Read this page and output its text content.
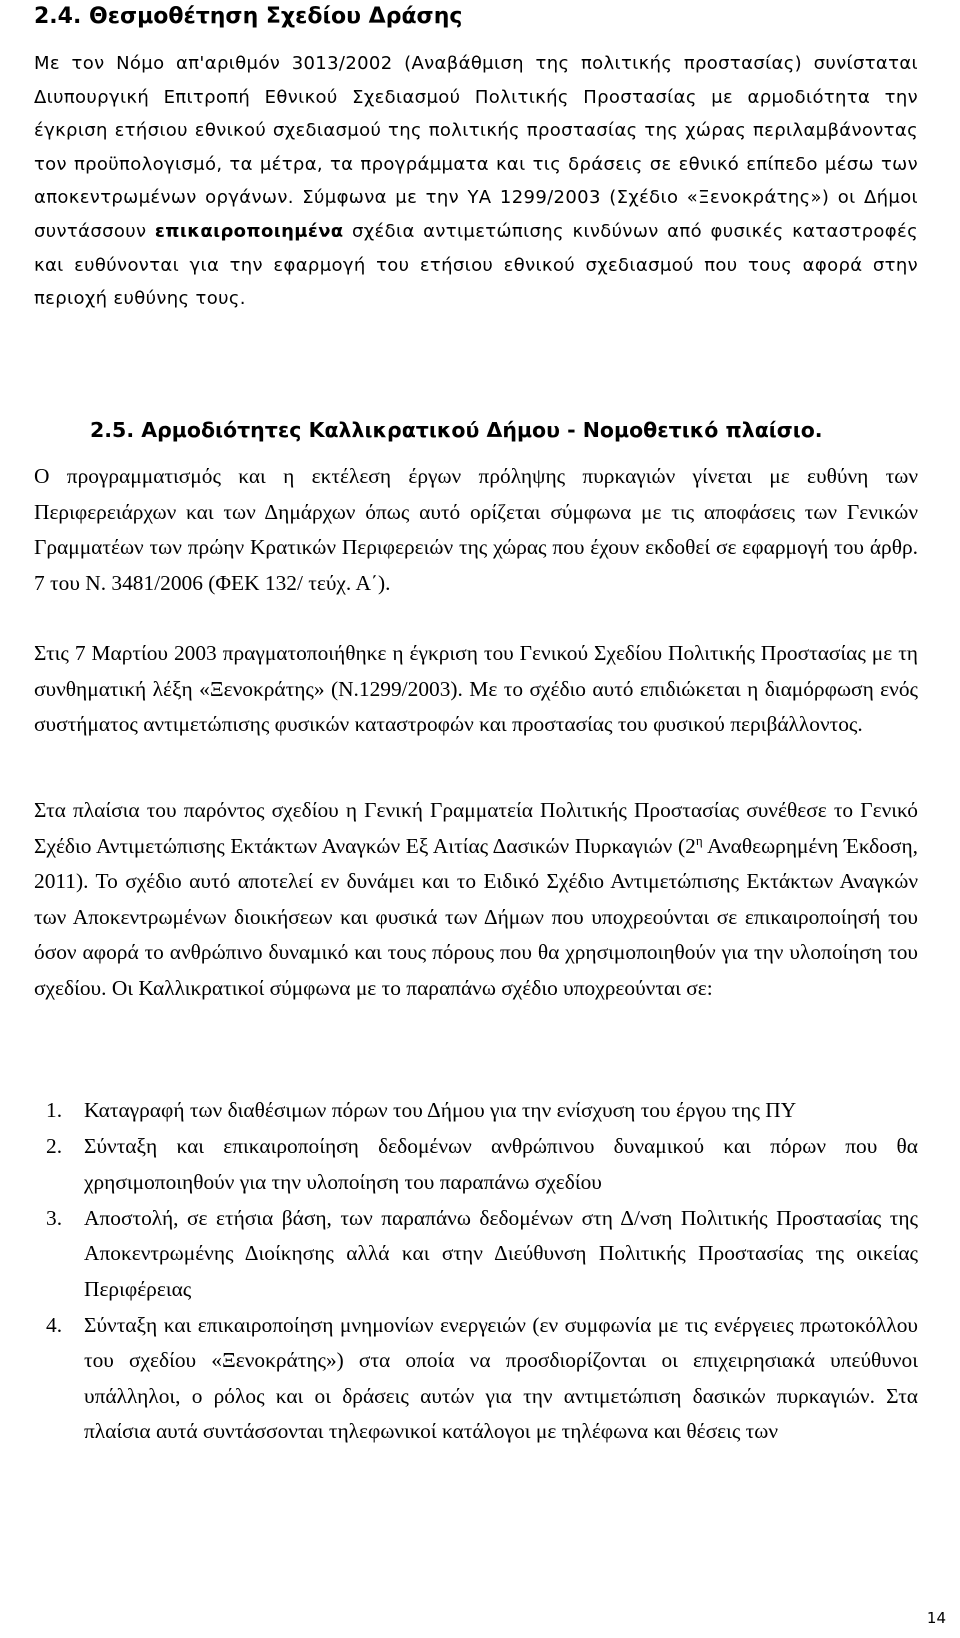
2.4. Θεσμοθέτηση Σχεδίου Δράσης

Με τον Νόμο απ'αριθμόν 3013/2002 (Αναβάθμιση της πολιτικής προστασίας) συνίσταται Διυπουργική Επιτροπή Εθνικού Σχεδιασμού Πολιτικής Προστασίας με αρμοδιότητα την έγκριση ετήσιου εθνικού σχεδιασμού της πολιτικής προστασίας της χώρας περιλαμβάνοντας τον προϋπολογισμό, τα μέτρα, τα προγράμματα και τις δράσεις σε εθνικό επίπεδο μέσω των αποκεντρωμένων οργάνων. Σύμφωνα με την ΥΑ 1299/2003 (Σχέδιο «Ξενοκράτης») οι Δήμοι συντάσσουν επικαιροποιημένα σχέδια αντιμετώπισης κινδύνων από φυσικές καταστροφές και ευθύνονται για την εφαρμογή του ετήσιου εθνικού σχεδιασμού που τους αφορά στην περιοχή ευθύνης τους.

2.5. Αρμοδιότητες Καλλικρατικού Δήμου - Νομοθετικό πλαίσιο.

Ο προγραμματισμός και η εκτέλεση έργων πρόληψης πυρκαγιών γίνεται με ευθύνη των Περιφερειάρχων και των Δημάρχων όπως αυτό ορίζεται σύμφωνα με τις αποφάσεις των Γενικών Γραμματέων των πρώην Κρατικών Περιφερειών της χώρας που έχουν εκδοθεί σε εφαρμογή του άρθρ. 7 του Ν. 3481/2006 (ΦΕΚ 132/ τεύχ. Α΄).

Στις 7 Μαρτίου 2003 πραγματοποιήθηκε η έγκριση του Γενικού Σχεδίου Πολιτικής Προστασίας με τη συνθηματική λέξη «Ξενοκράτης» (Ν.1299/2003). Με το σχέδιο αυτό επιδιώκεται η διαμόρφωση ενός συστήματος αντιμετώπισης φυσικών καταστροφών και προστασίας του φυσικού περιβάλλοντος.

Στα πλαίσια του παρόντος σχεδίου η Γενική Γραμματεία Πολιτικής Προστασίας συνέθεσε το Γενικό Σχέδιο Αντιμετώπισης Εκτάκτων Αναγκών Εξ Αιτίας Δασικών Πυρκαγιών ($2^\eta$ Αναθεωρημένη Έκδοση, 2011). Το σχέδιο αυτό αποτελεί εν δυνάμει και το Ειδικό Σχέδιο Αντιμετώπισης Εκτάκτων Αναγκών των Αποκεντρωμένων διοικήσεων και φυσικά των Δήμων που υποχρεούνται σε επικαιροποίησή του όσον αφορά το ανθρώπινο δυναμικό και τους πόρους που θα χρησιμοποιηθούν για την υλοποίηση του σχεδίου. Οι Καλλικρατικοί σύμφωνα με το παραπάνω σχέδιο υποχρεούνται σε:

1. Καταγραφή των διαθέσιμων πόρων του Δήμου για την ενίσχυση του έργου της ΠΥ
2. Σύνταξη και επικαιροποίηση δεδομένων ανθρώπινου δυναμικού και πόρων που θα χρησιμοποιηθούν για την υλοποίηση του παραπάνω σχεδίου
3. Αποστολή, σε ετήσια βάση, των παραπάνω δεδομένων στη Δ/νση Πολιτικής Προστασίας της Αποκεντρωμένης Διοίκησης αλλά και στην Διεύθυνση Πολιτικής Προστασίας της οικείας Περιφέρειας
4. Σύνταξη και επικαιροποίηση μνημονίων ενεργειών (εν συμφωνία με τις ενέργειες πρωτοκόλλου του σχεδίου «Ξενοκράτης») στα οποία να προσδιορίζονται οι επιχειρησιακά υπεύθυνοι υπάλληλοι, ο ρόλος και οι δράσεις αυτών για την αντιμετώπιση δασικών πυρκαγιών. Στα πλαίσια αυτά συντάσσονται τηλεφωνικοί κατάλογοι με τηλέφωνα και θέσεις των
14
